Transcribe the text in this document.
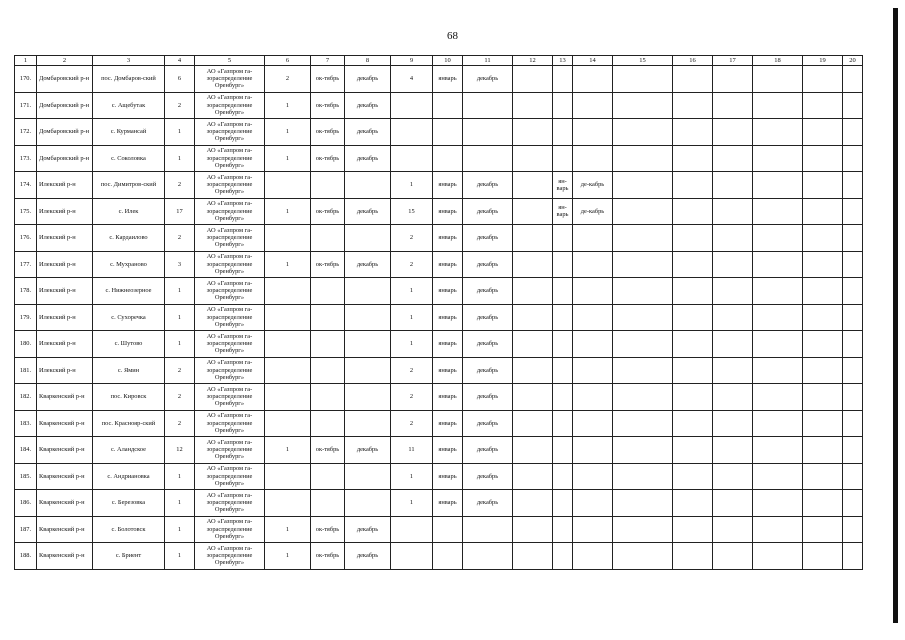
68
1	2	3	4	5	6	7	8	9	10	11	12	13	14	15	16	17	18	19	20
170.	Домбаровский р-н	пос. Домбаров-ский	6	АО «Газпром га-зораспределение Оренбург»	2	ок-тябрь	декабрь	4	январь	декабрь									
171.	Домбаровский р-н	с. Ащебутак	2	АО «Газпром га-зораспределение Оренбург»	1	ок-тябрь	декабрь												
172.	Домбаровский р-н	с. Курмансай	1	АО «Газпром га-зораспределение Оренбург»	1	ок-тябрь	декабрь												
173.	Домбаровский р-н	с. Соколовка	1	АО «Газпром га-зораспределение Оренбург»	1	ок-тябрь	декабрь												
174.	Илекский р-н	пос. Димитров-ский	2	АО «Газпром га-зораспределение Оренбург»				1	январь	декабрь		ян-варь	де-кабрь						
175.	Илекский р-н	с. Илек	17	АО «Газпром га-зораспределение Оренбург»	1	ок-тябрь	декабрь	15	январь	декабрь		ян-варь	де-кабрь						
176.	Илекский р-н	с. Кардаилово	2	АО «Газпром га-зораспределение Оренбург»				2	январь	декабрь									
177.	Илекский р-н	с. Мухраново	3	АО «Газпром га-зораспределение Оренбург»	1	ок-тябрь	декабрь	2	январь	декабрь									
178.	Илекский р-н	с. Нижнеозерное	1	АО «Газпром га-зораспределение Оренбург»				1	январь	декабрь									
179.	Илекский р-н	с. Сухоречка	1	АО «Газпром га-зораспределение Оренбург»				1	январь	декабрь									
180.	Илекский р-н	с. Шутово	1	АО «Газпром га-зораспределение Оренбург»				1	январь	декабрь									
181.	Илекский р-н	с. Ямин	2	АО «Газпром га-зораспределение Оренбург»				2	январь	декабрь									
182.	Кваркенский р-н	пос. Кировск	2	АО «Газпром га-зораспределение Оренбург»				2	январь	декабрь									
183.	Кваркенский р-н	пос. Краснояр-ский	2	АО «Газпром га-зораспределение Оренбург»				2	январь	декабрь									
184.	Кваркенский р-н	с. Аландское	12	АО «Газпром га-зораспределение Оренбург»	1	ок-тябрь	декабрь	11	январь	декабрь									
185.	Кваркенский р-н	с. Андриановка	1	АО «Газпром га-зораспределение Оренбург»				1	январь	декабрь									
186.	Кваркенский р-н	с. Березовка	1	АО «Газпром га-зораспределение Оренбург»				1	январь	декабрь									
187.	Кваркенский р-н	с. Болотовск	1	АО «Газпром га-зораспределение Оренбург»	1	ок-тябрь	декабрь												
188.	Кваркенский р-н	с. Бриент	1	АО «Газпром га-зораспределение Оренбург»	1	ок-тябрь	декабрь												
